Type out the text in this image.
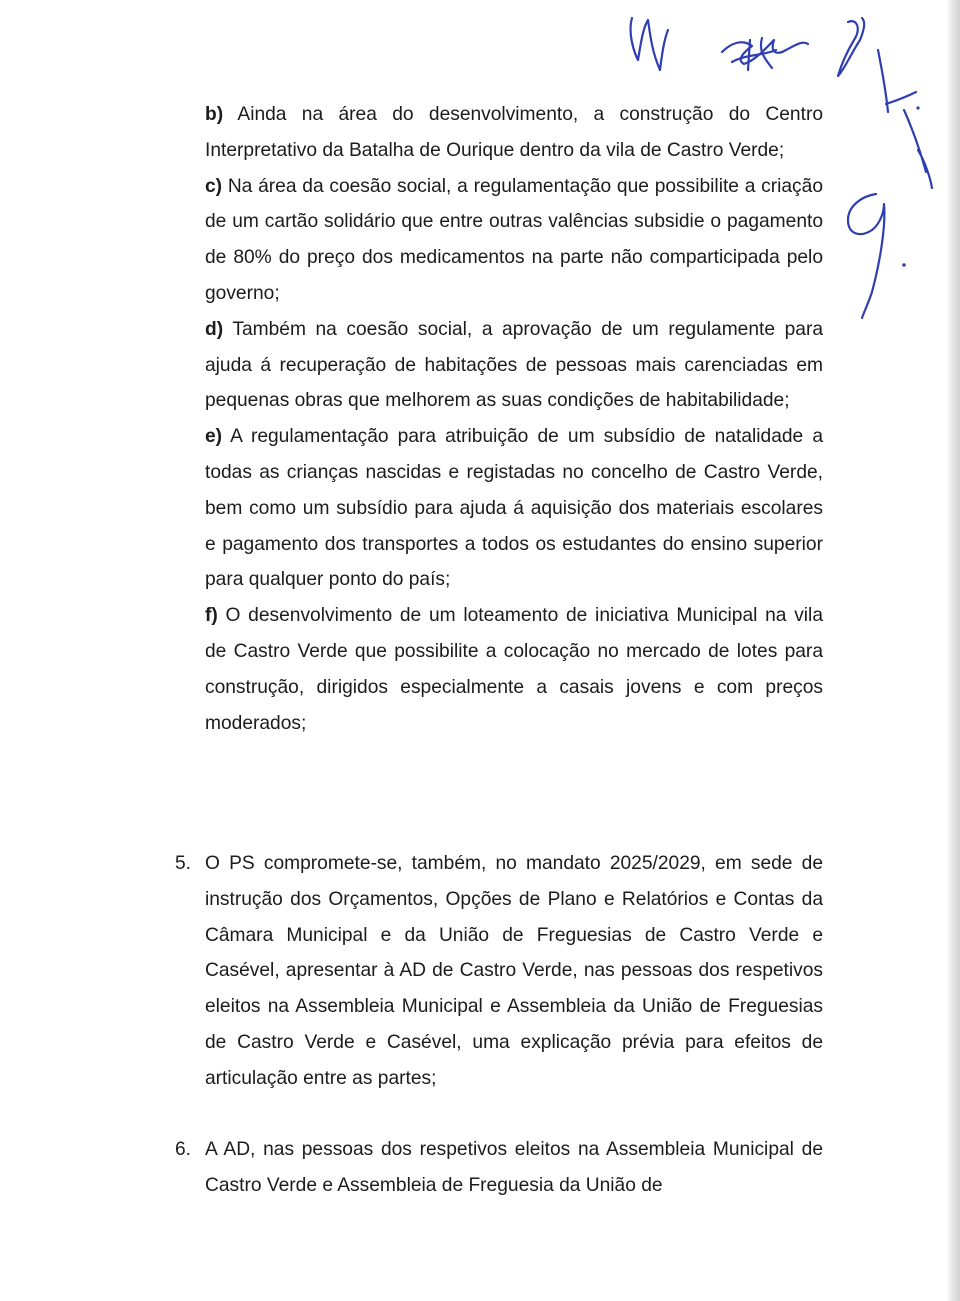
b) Ainda na área do desenvolvimento, a construção do Centro Interpretativo da Batalha de Ourique dentro da vila de Castro Verde;

c) Na área da coesão social, a regulamentação que possibilite a criação de um cartão solidário que entre outras valências subsidie o pagamento de 80% do preço dos medicamentos na parte não comparticipada pelo governo;

d) Também na coesão social, a aprovação de um regulamente para ajuda á recuperação de habitações de pessoas mais carenciadas em pequenas obras que melhorem as suas condições de habitabilidade;

e) A regulamentação para atribuição de um subsídio de natalidade a todas as crianças nascidas e registadas no concelho de Castro Verde, bem como um subsídio para ajuda á aquisição dos materiais escolares e pagamento dos transportes a todos os estudantes do ensino superior para qualquer ponto do país;

f) O desenvolvimento de um loteamento de iniciativa Municipal na vila de Castro Verde que possibilite a colocação no mercado de lotes para construção, dirigidos especialmente a casais jovens e com preços moderados;

5. O PS compromete-se, também, no mandato 2025/2029, em sede de instrução dos Orçamentos, Opções de Plano e Relatórios e Contas da Câmara Municipal e da União de Freguesias de Castro Verde e Casével, apresentar à AD de Castro Verde, nas pessoas dos respetivos eleitos na Assembleia Municipal e Assembleia da União de Freguesias de Castro Verde e Casével, uma explicação prévia para efeitos de articulação entre as partes;
6. A AD, nas pessoas dos respetivos eleitos na Assembleia Municipal de Castro Verde e Assembleia de Freguesia da União de
